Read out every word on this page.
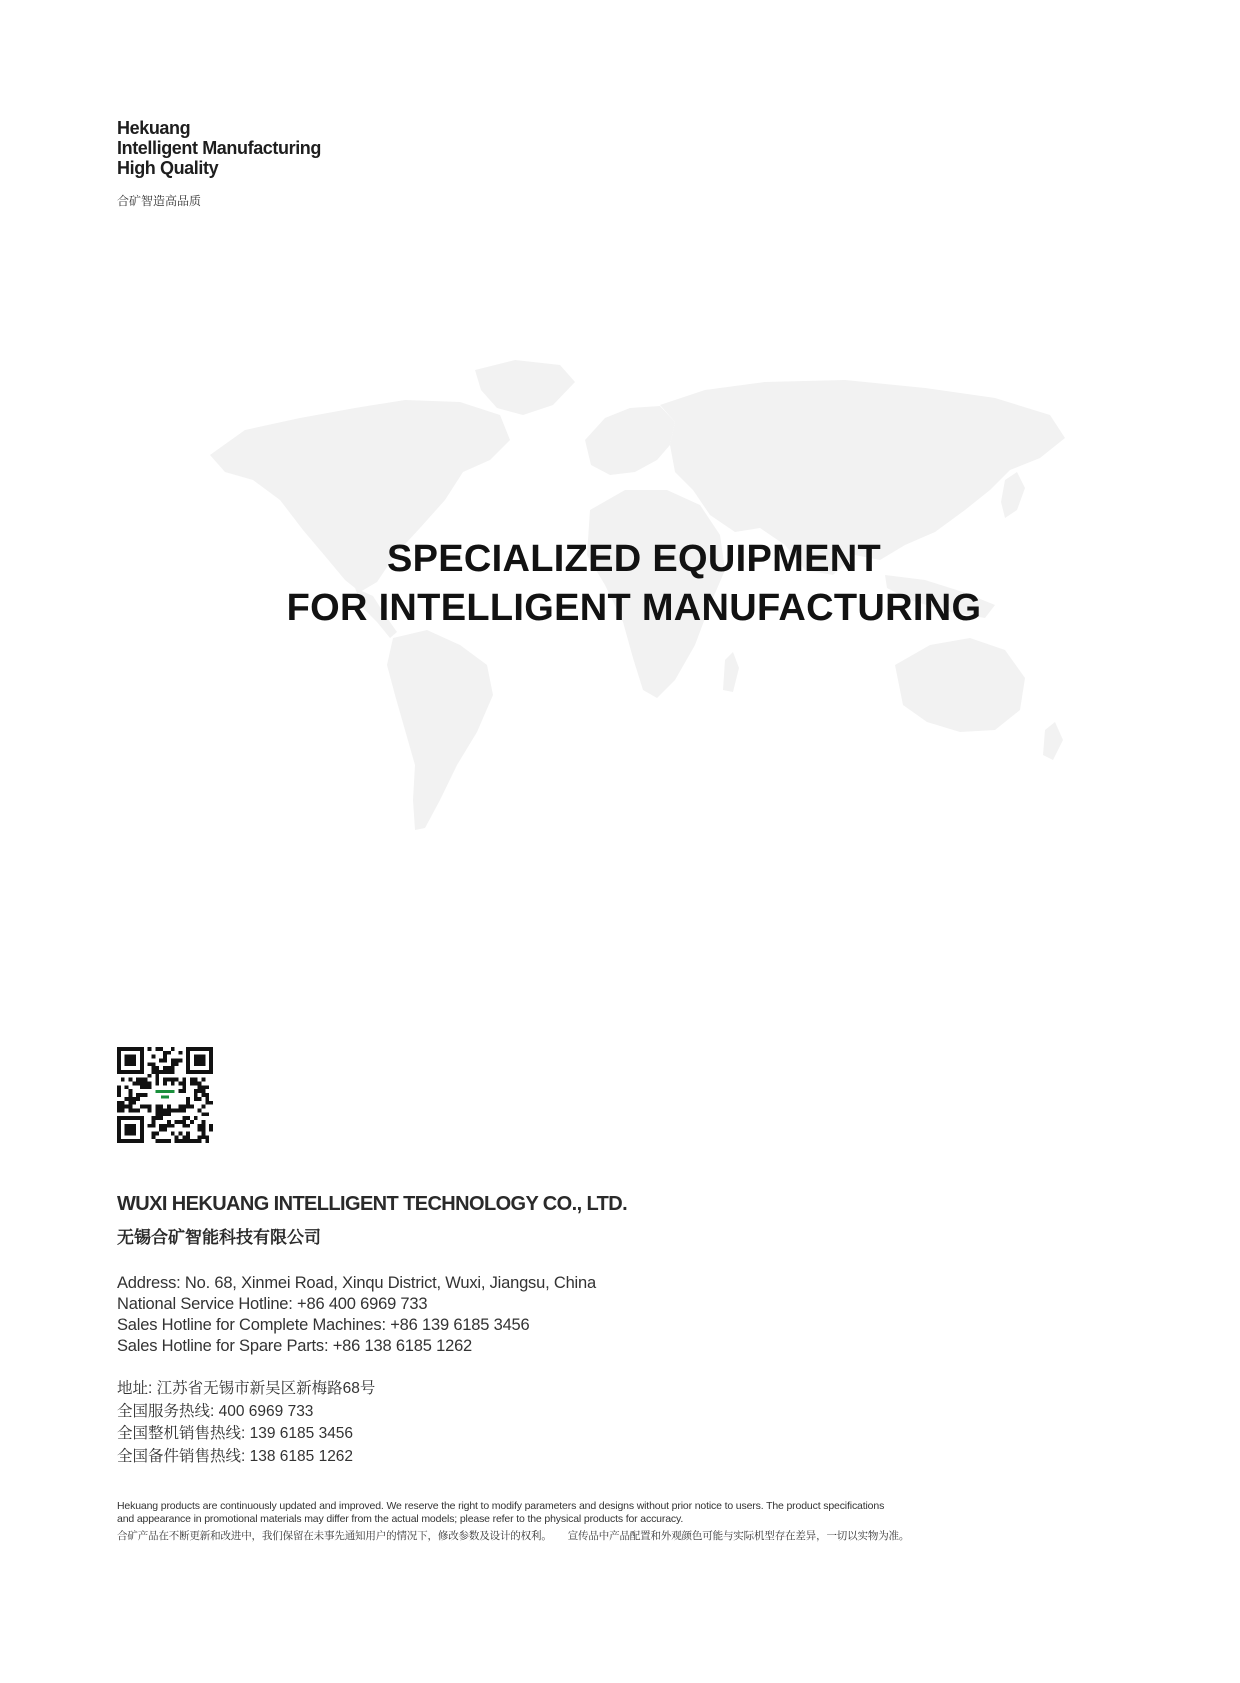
Hekuang
Intelligent Manufacturing
High Quality
合矿智造高品质
SPECIALIZED EQUIPMENT
FOR INTELLIGENT MANUFACTURING
WUXI HEKUANG INTELLIGENT TECHNOLOGY CO., LTD.
无锡合矿智能科技有限公司
Address: No. 68, Xinmei Road, Xinqu District, Wuxi, Jiangsu, China
National Service Hotline: +86 400 6969 733
Sales Hotline for Complete Machines: +86 139 6185 3456
Sales Hotline for Spare Parts: +86 138 6185 1262
地址: 江苏省无锡市新吴区新梅路68号
全国服务热线: 400 6969 733
全国整机销售热线: 139 6185 3456
全国备件销售热线: 138 6185 1262
Hekuang products are continuously updated and improved. We reserve the right to modify parameters and designs without prior notice to users. The product specifications
and appearance in promotional materials may differ from the actual models; please refer to the physical products for accuracy.
合矿产品在不断更新和改进中，我们保留在未事先通知用户的情况下，修改参数及设计的权利。 宣传品中产品配置和外观颜色可能与实际机型存在差异，一切以实物为准。
